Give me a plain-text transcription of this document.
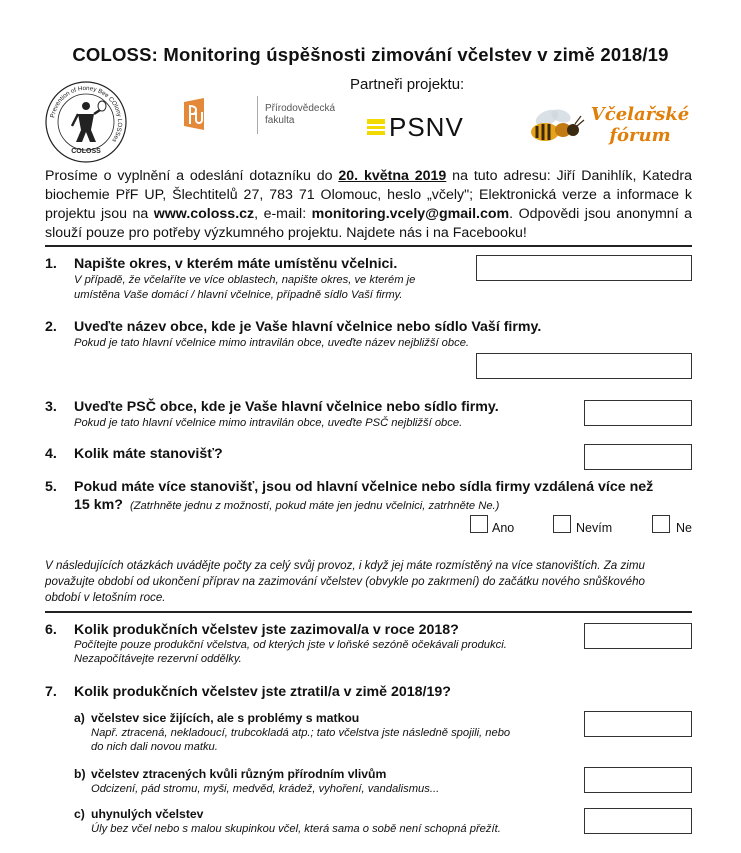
COLOSS: Monitoring úspěšnosti zimování včelstev v zimě 2018/19
Partneři projektu:
Prevention of Honey Bee COlony LOSSes
COLOSS
Přírodovědecká
fakulta	PSNV	Včelařské
fórum
Prosíme o vyplnění a odeslání dotazníku do 20. května 2019 na tuto adresu: Jiří Danihlík, Katedra biochemie PřF UP, Šlechtitelů 27, 783 71 Olomouc, heslo „včely"; Elektronická verze a informace k projektu jsou na www.coloss.cz, e-mail: monitoring.vcely@gmail.com. Odpovědi jsou anonymní a slouží pouze pro potřeby výzkumného projektu. Najdete nás i na Facebooku!
1. Napište okres, v kterém máte umístěnu včelnici.
V případě, že včelaříte ve více oblastech, napište okres, ve kterém je
umístěna Vaše domácí / hlavní včelnice, případně sídlo Vaší firmy.
2. Uveďte název obce, kde je Vaše hlavní včelnice nebo sídlo Vaší firmy.
Pokud je tato hlavní včelnice mimo intravilán obce, uveďte název nejbližší obce.
3. Uveďte PSČ obce, kde je Vaše hlavní včelnice nebo sídlo firmy.
Pokud je tato hlavní včelnice mimo intravilán obce, uveďte PSČ nejbližší obce.
4. Kolik máte stanovišť?
5. Pokud máte více stanovišť, jsou od hlavní včelnice nebo sídla firmy vzdálená více než
15 km? (Zatrhněte jednu z možností, pokud máte jen jednu včelnici, zatrhněte Ne.)
Ano	Nevím	Ne
V následujících otázkách uvádějte počty za celý svůj provoz, i když jej máte rozmístěný na více stanovištích. Za zimu
považujte období od ukončení příprav na zazimování včelstev (obvykle po zakrmení) do začátku nového snůškového
období v letošním roce.
6. Kolik produkčních včelstev jste zazimoval/a v roce 2018?
Počítejte pouze produkční včelstva, od kterých jste v loňské sezóně očekávali produkci.
Nezapočítávejte rezervní oddělky.
7. Kolik produkčních včelstev jste ztratil/a v zimě 2018/19?
a) včelstev sice žijících, ale s problémy s matkou
Např. ztracená, nekladoucí, trubcokladá atp.; tato včelstva jste následně spojili, nebo
do nich dali novou matku.
b) včelstev ztracených kvůli různým přírodním vlivům
Odcizení, pád stromu, myši, medvěd, krádež, vyhoření, vandalismus...
c) uhynulých včelstev
Úly bez včel nebo s malou skupinkou včel, která sama o sobě není schopná přežít.
